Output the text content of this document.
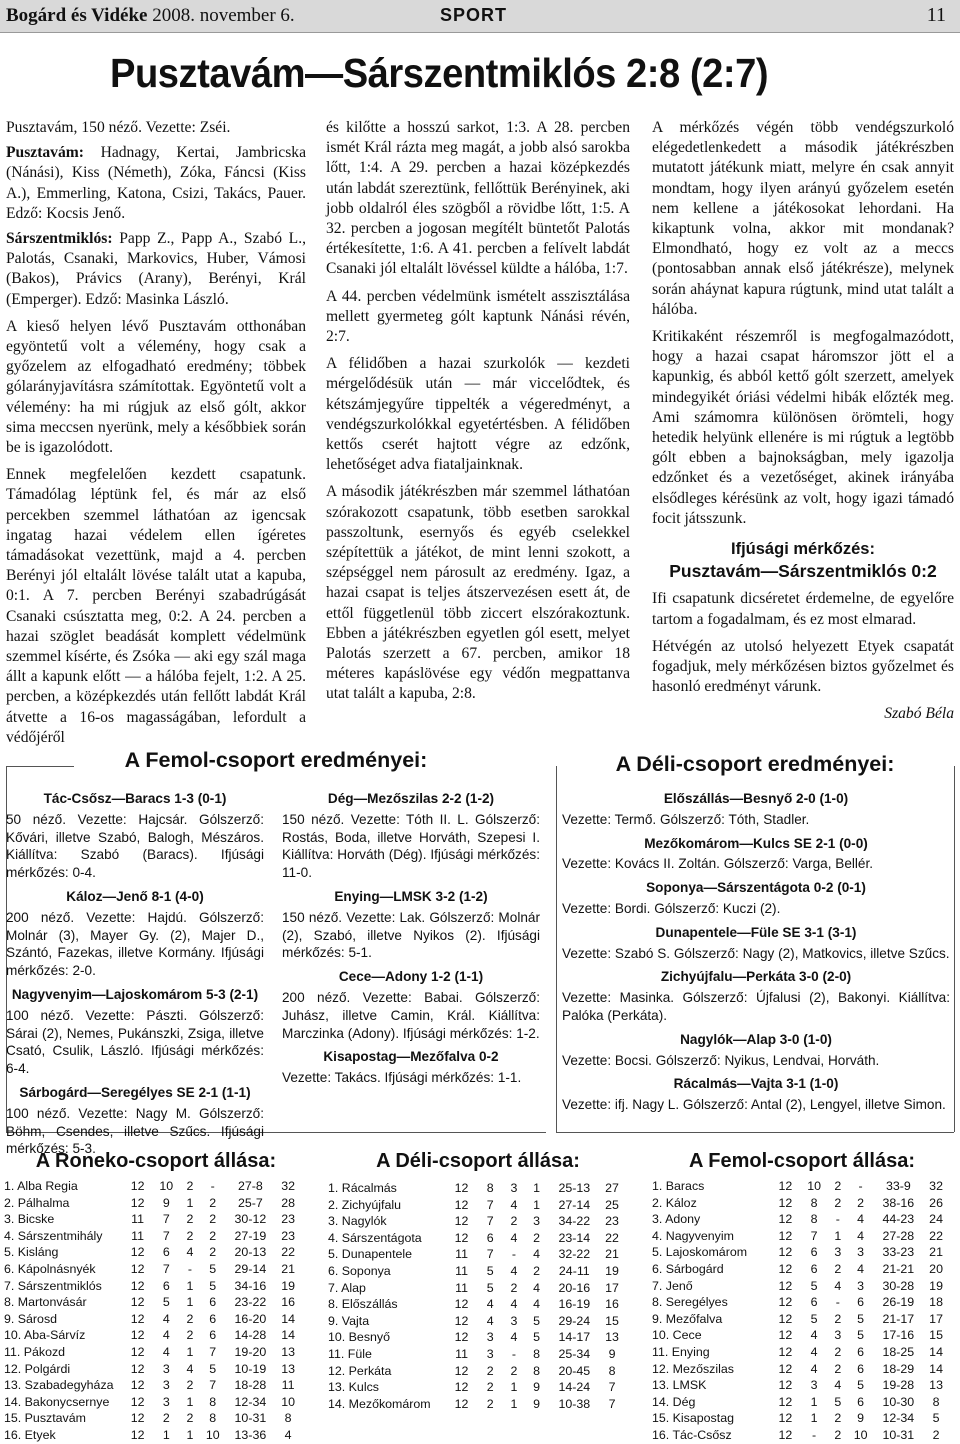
Bogárd és Vidéke 2008. november 6.	SPORT	11
Pusztavám—Sárszentmiklós 2:8 (2:7)

Pusztavám, 150 néző. Vezette: Zséi.

Pusztavám: Hadnagy, Kertai, Jambricska (Nánási), Kiss (Németh), Zóka, Fáncsi (Kiss A.), Emmerling, Katona, Csizi, Takács, Pauer. Edző: Kocsis Jenő.

Sárszentmiklós: Papp Z., Papp A., Szabó L., Palotás, Csanaki, Markovics, Huber, Vámosi (Bakos), Právics (Arany), Berényi, Král (Emperger). Edző: Masinka László.

A kieső helyen lévő Pusztavám otthonában egyöntetű volt a vélemény, hogy csak a győzelem az elfogadható eredmény; többek gólarányjavításra számítottak. Egyöntetű volt a vélemény: ha mi rúgjuk az első gólt, akkor sima meccsen nyerünk, mely a későbbiek során be is igazolódott.

Ennek megfelelően kezdett csapatunk. Támadólag léptünk fel, és már az első percekben szemmel láthatóan az igencsak ingatag hazai védelem ellen ígéretes támadásokat vezettünk, majd a 4. percben Berényi jól eltalált lövése talált utat a kapuba, 0:1. A 7. percben Berényi szabadrúgását Csanaki csúsztatta meg, 0:2. A 24. percben a hazai szöglet beadását komplett védelmünk szemmel kísérte, és Zsóka — aki egy szál maga állt a kapunk előtt — a hálóba fejelt, 1:2. A 25. percben, a középkezdés után fellőtt labdát Král átvette a 16-os magasságában, lefordult a védőjéről

és kilőtte a hosszú sarkot, 1:3. A 28. percben ismét Král rázta meg magát, a jobb alsó sarokba lőtt, 1:4. A 29. percben a hazai középkezdés után labdát szereztünk, fellőttük Berényinek, aki jobb oldalról éles szögből a rövidbe lőtt, 1:5. A 32. percben a jogosan megítélt büntetőt Palotás értékesítette, 1:6. A 41. percben a felívelt labdát Csanaki jól eltalált lövéssel küldte a hálóba, 1:7.

A 44. percben védelmünk ismételt asszisztálása mellett gyermeteg gólt kaptunk Nánási révén, 2:7.

A félidőben a hazai szurkolók — kezdeti mérgelődésük után — már viccelődtek, és kétszámjegyűre tippelték a végeredményt, a vendégszurkolókkal egyetértésben. A félidőben kettős cserét hajtott végre az edzőnk, lehetőséget adva fiataljainknak.

A második játékrészben már szemmel láthatóan szórakozott csapatunk, több esetben sarokkal passzoltunk, esernyős és egyéb cselekkel szépítettük a játékot, de mint lenni szokott, a szépséggel nem párosult az eredmény. Igaz, a hazai csapat is teljes átszervezésen esett át, de ettől függetlenül több ziccert elszórakoztunk. Ebben a játékrészben egyetlen gól esett, melyet Palotás szerzett a 67. percben, amikor 18 méteres kapáslövése egy védőn megpattanva utat talált a kapuba, 2:8.

A mérkőzés végén több vendégszurkoló elégedetlenkedett a második játékrészben mutatott játékunk miatt, melyre én csak annyit mondtam, hogy ilyen arányú győzelem esetén nem kellene a játékosokat lehordani. Ha kikaptunk volna, akkor mit mondanak? Elmondható, hogy ez volt az a meccs (pontosabban annak első játékrésze), melynek során aháynat kapura rúgtunk, mind utat talált a hálóba.

Kritikaként részemről is megfogalmazódott, hogy a hazai csapat háromszor jött el a kapunkig, és abból kettő gólt szerzett, amelyek mindegyikét óriási védelmi hibák előzték meg. Ami számomra különösen örömteli, hogy hetedik helyünk ellenére is mi rúgtuk a legtöbb gólt ebben a bajnokságban, mely igazolja edzőnket és a vezetőséget, akinek irányába elsődleges kérésünk az volt, hogy igazi támadó focit játsszunk.

Ifjúsági mérkőzés:
Pusztavám—Sárszentmiklós 0:2

Ifi csapatunk dicséretet érdemelne, de egyelőre tartom a fogadalmam, és ez most elmarad.

Hétvégén az utolsó helyezett Etyek csapatát fogadjuk, mely mérkőzésen biztos győzelmet és hasonló eredményt várunk.

Szabó Béla
A Femol-csoport eredményei:
Tác-Csősz—Baracs 1-3 (0-1)

50 néző. Vezette: Hajcsár. Gólszerző: Kővári, illetve Szabó, Balogh, Mészáros. Kiállítva: Szabó (Baracs). Ifjúsági mérkőzés: 0-4.

Káloz—Jenő 8-1 (4-0)

200 néző. Vezette: Hajdú. Gólszerző: Molnár (3), Mayer Gy. (2), Majer D., Szántó, Fazekas, illetve Kormány. Ifjúsági mérkőzés: 2-0.

Nagyvenyim—Lajoskomárom 5-3 (2-1)

100 néző. Vezette: Pászti. Gólszerző: Sárai (2), Nemes, Pukánszki, Zsiga, illetve Csató, Csulik, László. Ifjúsági mérkőzés: 6-4.

Sárbogárd—Seregélyes SE 2-1 (1-1)

100 néző. Vezette: Nagy M. Gólszerző: Böhm, Csendes, illetve Szűcs. Ifjúsági mérkőzés: 5-3.

Dég—Mezőszilas 2-2 (1-2)

150 néző. Vezette: Tóth II. L. Gólszerző: Rostás, Boda, illetve Horváth, Szepesi I. Kiállítva: Horváth (Dég). Ifjúsági mérkőzés: 11-0.

Enying—LMSK 3-2 (1-2)

150 néző. Vezette: Lak. Gólszerző: Molnár (2), Szabó, illetve Nyikos (2). Ifjúsági mérkőzés: 5-1.

Cece—Adony 1-2 (1-1)

200 néző. Vezette: Babai. Gólszerző: Juhász, illetve Camin, Král. Kiállítva: Marczinka (Adony). Ifjúsági mérkőzés: 1-2.

Kisapostag—Mezőfalva 0-2

Vezette: Takács. Ifjúsági mérkőzés: 1-1.

A Déli-csoport eredményei:
Előszállás—Besnyő 2-0 (1-0)

Vezette: Termő. Gólszerző: Tóth, Stadler.

Mezőkomárom—Kulcs SE 2-1 (0-0)

Vezette: Kovács II. Zoltán. Gólszerző: Varga, Bellér.

Soponya—Sárszentágota 0-2 (0-1)

Vezette: Bordi. Gólszerző: Kuczi (2).

Dunapentele—Füle SE 3-1 (3-1)

Vezette: Szabó S. Gólszerző: Nagy (2), Matkovics, illetve Szűcs.

Zichyújfalu—Perkáta 3-0 (2-0)

Vezette: Masinka. Gólszerző: Újfalusi (2), Bakonyi. Kiállítva: Palóka (Perkáta).

Nagylók—Alap 3-0 (1-0)

Vezette: Bocsi. Gólszerző: Nyikus, Lendvai, Horváth.

Rácalmás—Vajta 3-1 (1-0)

Vezette: ifj. Nagy L. Gólszerző: Antal (2), Lengyel, illetve Simon.

A Roneko-csoport állása:	A Déli-csoport állása:	A Femol-csoport állása:
1. Alba Regia	12	10	2	-	27-8	32
2. Pálhalma	12	9	1	2	25-7	28
3. Bicske	11	7	2	2	30-12	23
4. Sárszentmihály	11	7	2	2	27-19	23
5. Kisláng	12	6	4	2	20-13	22
6. Kápolnásnyék	12	7	-	5	29-14	21
7. Sárszentmiklós	12	6	1	5	34-16	19
8. Martonvásár	12	5	1	6	23-22	16
9. Sárosd	12	4	2	6	16-20	14
10. Aba-Sárvíz	12	4	2	6	14-28	14
11. Pákozd	12	4	1	7	19-20	13
12. Polgárdi	12	3	4	5	10-19	13
13. Szabadegyháza	12	3	2	7	18-28	11
14. Bakonycsernye	12	3	1	8	12-34	10
15. Pusztavám	12	2	2	8	10-31	8
16. Etyek	12	1	1	10	13-36	4
1. Rácalmás	12	8	3	1	25-13	27
2. Zichyújfalu	12	7	4	1	27-14	25
3. Nagylók	12	7	2	3	34-22	23
4. Sárszentágota	12	6	4	2	23-14	22
5. Dunapentele	11	7	-	4	32-22	21
6. Soponya	11	5	4	2	24-11	19
7. Alap	11	5	2	4	20-16	17
8. Előszállás	12	4	4	4	16-19	16
9. Vajta	12	4	3	5	29-24	15
10. Besnyő	12	3	4	5	14-17	13
11. Füle	11	3	-	8	25-34	9
12. Perkáta	12	2	2	8	20-45	8
13. Kulcs	12	2	1	9	14-24	7
14. Mezőkomárom	12	2	1	9	10-38	7
1. Baracs	12	10	2	-	33-9	32
2. Káloz	12	8	2	2	38-16	26
3. Adony	12	8	-	4	44-23	24
4. Nagyvenyim	12	7	1	4	27-28	22
5. Lajoskomárom	12	6	3	3	33-23	21
6. Sárbogárd	12	6	2	4	21-21	20
7. Jenő	12	5	4	3	30-28	19
8. Seregélyes	12	6	-	6	26-19	18
9. Mezőfalva	12	5	2	5	21-17	17
10. Cece	12	4	3	5	17-16	15
11. Enying	12	4	2	6	18-25	14
12. Mezőszilas	12	4	2	6	18-29	14
13. LMSK	12	3	4	5	19-28	13
14. Dég	12	1	5	6	10-30	8
15. Kisapostag	12	1	2	9	12-34	5
16. Tác-Csősz	12	-	2	10	10-31	2
